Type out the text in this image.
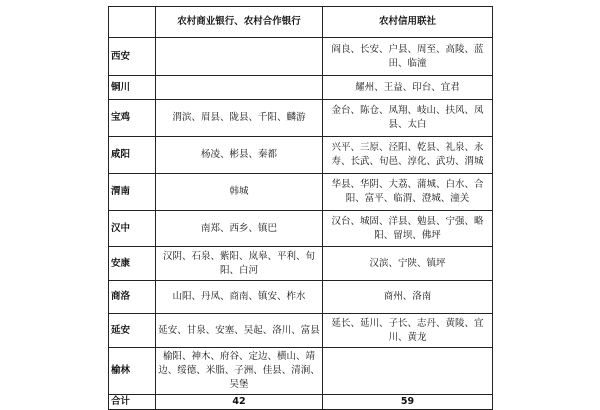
	农村商业银行、农村合作银行	农村信用联社
西安		阎良、长安、户县、周至、高陵、蓝田、临潼
铜川		耀州、王益、印台、宜君
宝鸡	渭滨、眉县、陇县、千阳、麟游	金台、陈仓、凤翔、岐山、扶风、凤县、太白
咸阳	杨凌、彬县、秦都	兴平、三原、泾阳、乾县、礼泉、永寿、长武、旬邑、淳化、武功、渭城
渭南	韩城	华县、华阴、大荔、蒲城、白水、合阳、富平、临渭、澄城、潼关
汉中	南郑、西乡、镇巴	汉台、城固、洋县、勉县、宁强、略阳、留坝、佛坪
安康	汉阴、石泉、紫阳、岚皋、平利、旬阳、白河	汉滨、宁陕、镇坪
商洛	山阳、丹凤、商南、镇安、柞水	商州、洛南
延安	延安、甘泉、安塞、吴起、洛川、富县	延长、延川、子长、志丹、黄陵、宜川、黄龙
榆林	榆阳、神木、府谷、定边、横山、靖边、绥德、米脂、子洲、佳县、清涧、吴堡	
合计	42	59
